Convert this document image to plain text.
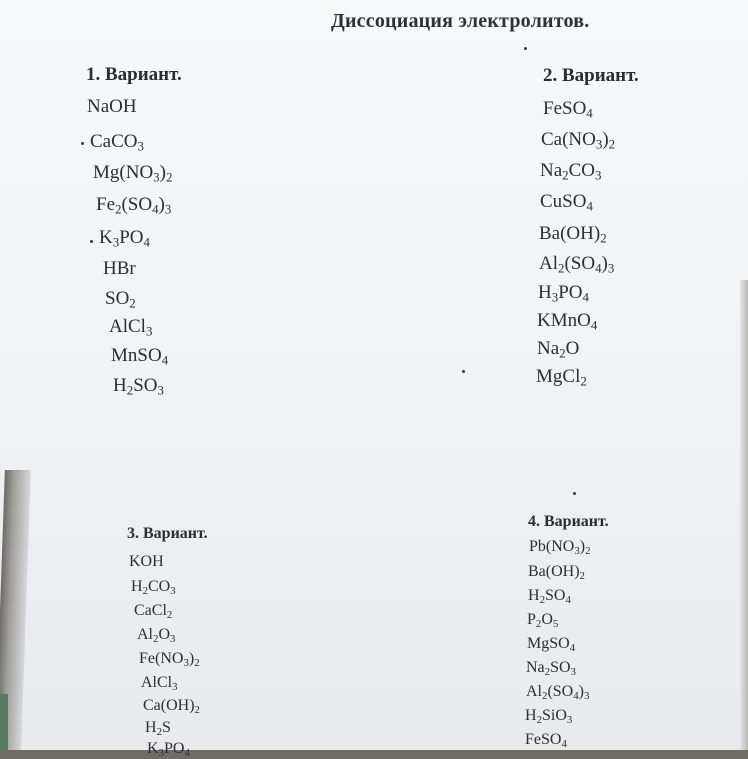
Диссоциация электролитов.
1. Вариант.
NaOH
CaCO$_3$
$Mg(NO_3)_2$
$Fe_2(SO_4)_3$
$K_3PO_4$
HBr
$SO_2$
AlCl$_3$
MnSO$_4$
$H_2SO_3$
2. Вариант.
FeSO$_4$
$Ca(NO_3)_2$
$Na_2CO_3$
CuSO$_4$
$Ba(OH)_2$
$Al_2(SO_4)_3$
$H_3PO_4$
KMnO$_4$
$Na_2O$
MgCl$_2$
3. Вариант.
KOH
$H_2CO_3$
CaCl$_2$
$Al_2O_3$
$Fe(NO_3)_2$
AlCl$_3$
$Ca(OH)_2$
$H_2S$
$K_3PO_4$
4. Вариант.
$Pb(NO_3)_2$
$Ba(OH)_2$
$H_2SO_4$
$P_2O_5$
MgSO$_4$
$Na_2SO_3$
$Al_2(SO_4)_3$
$H_2SiO_3$
FeSO$_4$
